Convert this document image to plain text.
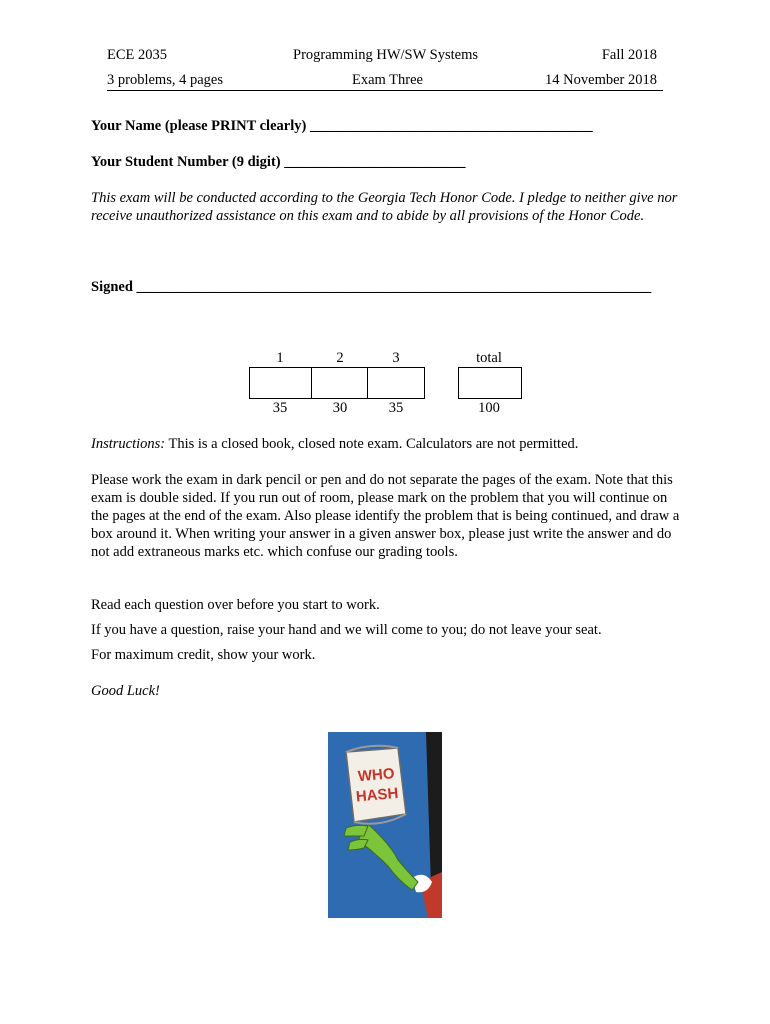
ECE 2035	Programming HW/SW Systems	Fall 2018
3 problems, 4 pages	Exam Three	14 November 2018
Your Name (please PRINT clearly) _______________________________________
Your Student Number (9 digit) _________________________
This exam will be conducted according to the Georgia Tech Honor Code. I pledge to neither give nor receive unauthorized assistance on this exam and to abide by all provisions of the Honor Code.
Signed _______________________________________________________________________
1	2	3	total

35	30	35	100
Instructions: This is a closed book, closed note exam. Calculators are not permitted.
Please work the exam in dark pencil or pen and do not separate the pages of the exam. Note that this exam is double sided. If you run out of room, please mark on the problem that you will continue on the pages at the end of the exam. Also please identify the problem that is being continued, and draw a box around it. When writing your answer in a given answer box, please just write the answer and do not add extraneous marks etc. which confuse our grading tools.
Read each question over before you start to work.
If you have a question, raise your hand and we will come to you; do not leave your seat.
For maximum credit, show your work.
Good Luck!
WHO
HASH
